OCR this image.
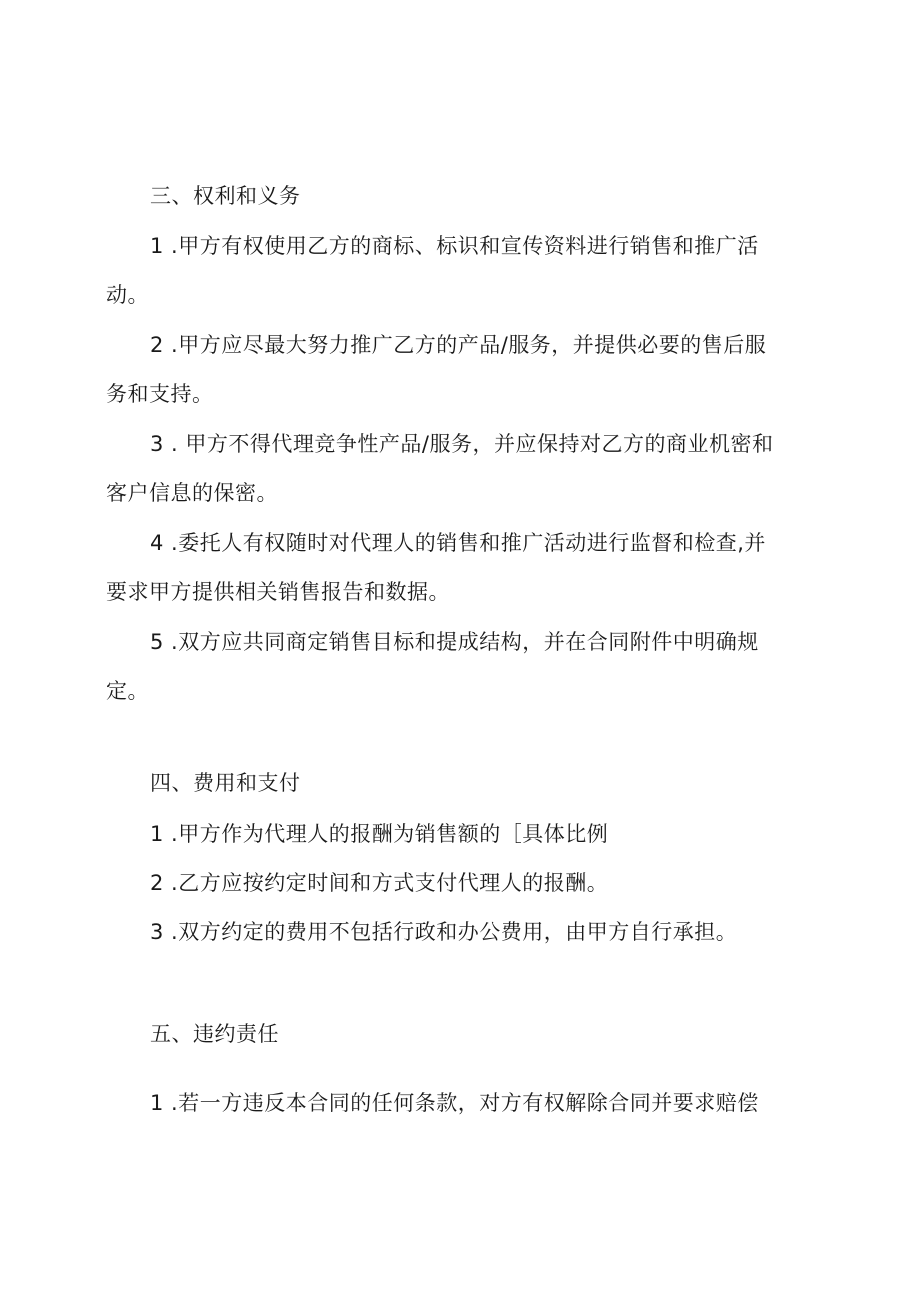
三、权利和义务
1 .甲方有权使用乙方的商标、标识和宣传资料进行销售和推广活
动。
2 .甲方应尽最大努力推广乙方的产品/服务，并提供必要的售后服
务和支持。
3 . 甲方不得代理竞争性产品/服务，并应保持对乙方的商业机密和
客户信息的保密。
4 .委托人有权随时对代理人的销售和推广活动进行监督和检查,并
要求甲方提供相关销售报告和数据。
5 .双方应共同商定销售目标和提成结构，并在合同附件中明确规
定。
四、费用和支付
1 .甲方作为代理人的报酬为销售额的［具体比例
2 .乙方应按约定时间和方式支付代理人的报酬。
3 .双方约定的费用不包括行政和办公费用，由甲方自行承担。
五、违约责任
1 .若一方违反本合同的任何条款，对方有权解除合同并要求赔偿
